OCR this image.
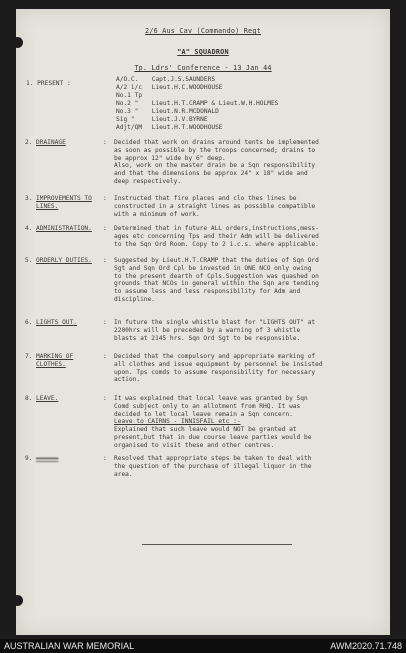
2/6 Aus Cav (Commando) Regt
"A" SQUADRON
Tp. Ldrs' Conference - 13 Jan 44
1. PRESENT :
A/O.C. Capt.J.S.SAUNDERS
A/2 i/c Lieut.H.C.WOODHOUSE
No.1 Tp
No.2 " Lieut.H.T.CRAMP & Lieut.W.H.HOLMES
No.3 " Lieut.N.R.MCDONALD
Sig "	Lieut.J.V.BYRNE
Adjt/QM Lieut.H.T.WOODHOUSE
2. DRAINAGE	: Decided that work on drains around tents be implemented
as soon as possible by the troops concerned; drains to
be approx 12" wide by 6" deep.
Also, work on the master drain be a Sqn responsibility
and that the dimensions be approx 24" x 18" wide and
deep respectively.
3. IMPROVEMENTS TO LINES.
: Instructed that fire places and clo thes lines be
constructed in a straight lines as possible compatible
with a minimum of work.
4. ADMINISTRATION.	: Determined that in future ALL orders,instructions,mess-
ages etc concerning Tps and their Adm will be delivered
to the Sqn Ord Room. Copy to 2 i.c.s. where applicable.
5. ORDERLY DUTIES.	: Suggested by Lieut.H.T.CRAMP that the duties of Sqn Ord
Sgt and Sqn Ord Cpl be invested in ONE NCO only owing
to the present dearth of Cpls.Suggestion was quashed on
grounds that NCOs in general within the Sqn are tending
to assume less and less responsibility for Adm and
discipline.
6. LIGHTS OUT.	: In future the single whistle blast for "LIGHTS OUT" at
2200hrs will be preceded by a warning of 3 whistle
blasts at 2145 hrs. Sqn Ord Sgt to be responsible.
7. MARKING OF CLOTHES.
: Decided that the compulsory and appropriate marking of
all clothes and issue equipment by personnel be insisted
upon. Tps comds to assume responsibility for necessary
action.
8. LEAVE.	: It was explained that local leave was granted by Sqn
Comd subject only to an allotment from RHQ. It was
decided to let local leave remain a Sqn concern.
Leave to CAIRNS - INNISFAIL etc :-
Explained that such leave would NOT be granted at
present,but that in due course leave parties would be
organised to visit these and other centres.
9. ▬▬▬▬▬▬	: Resolved that appropriate steps be taken to deal with
the question of the purchase of illegal liquor in the
area.
AUSTRALIAN WAR MEMORIAL	AWM2020.71.748
